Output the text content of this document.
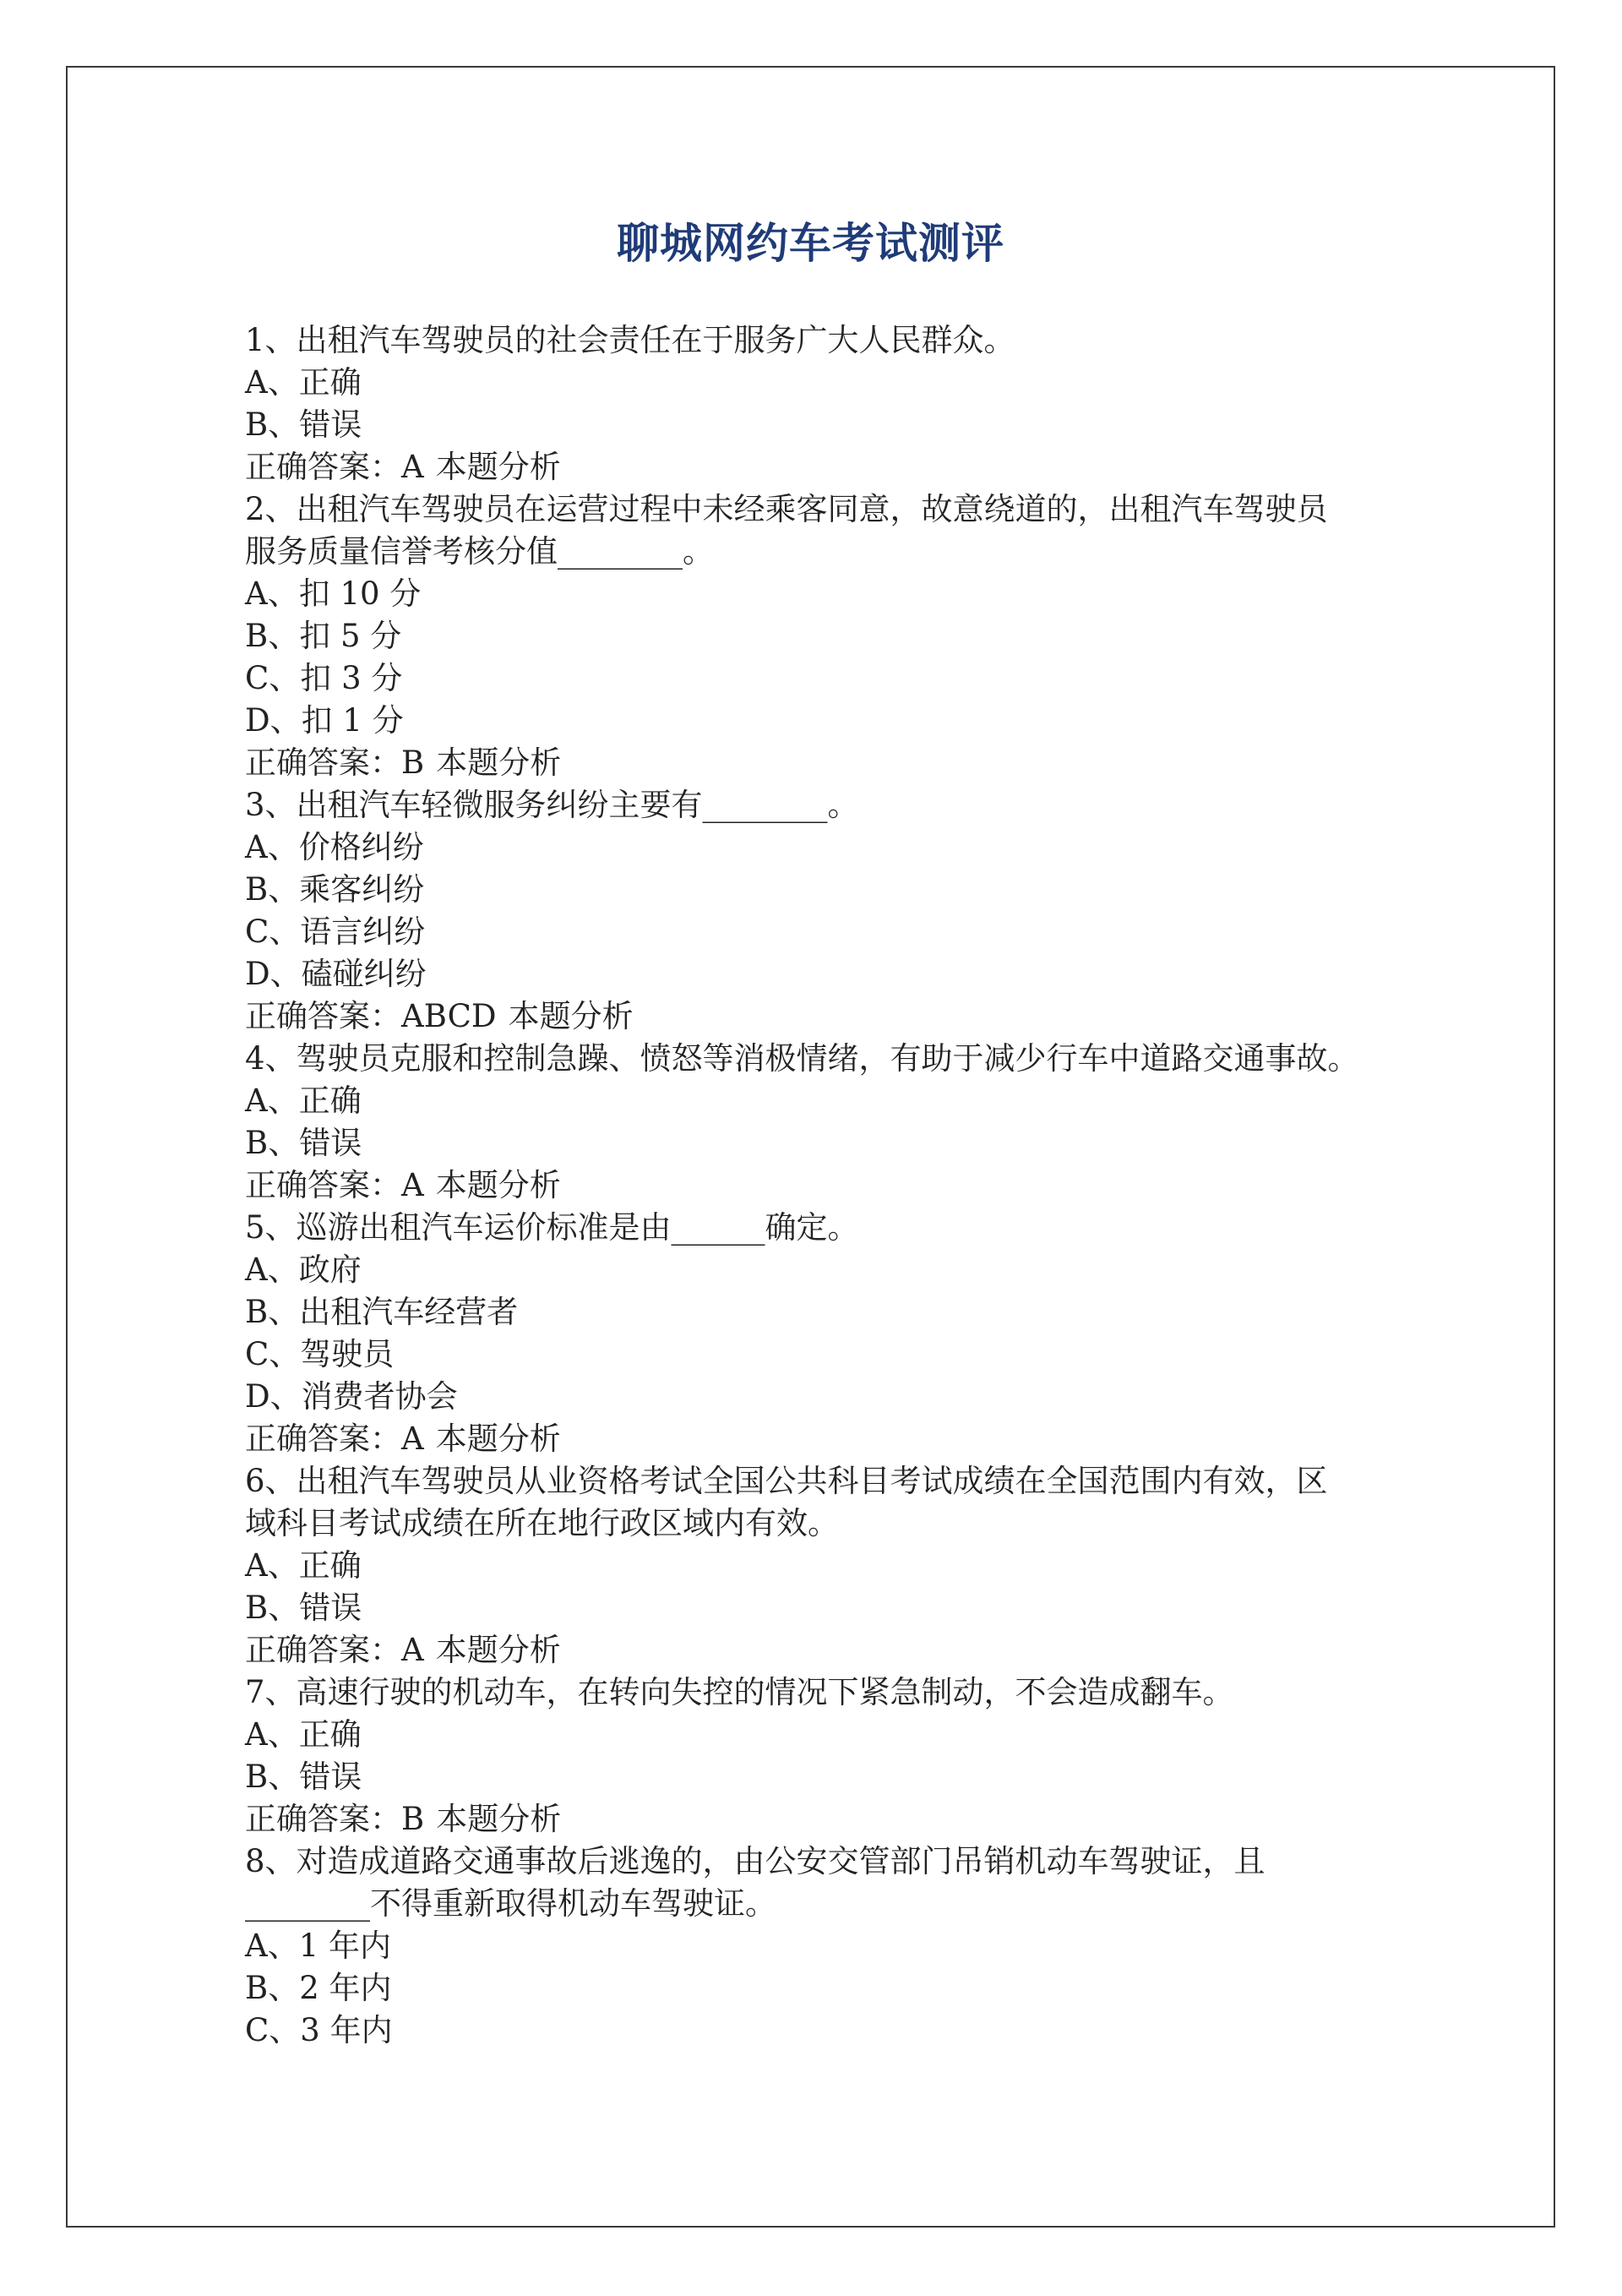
聊城网约车考试测评
1、出租汽车驾驶员的社会责任在于服务广大人民群众。
A、正确
B、错误
正确答案：A 本题分析
2、出租汽车驾驶员在运营过程中未经乘客同意，故意绕道的，出租汽车驾驶员
服务质量信誉考核分值________。
A、扣 10 分
B、扣 5 分
C、扣 3 分
D、扣 1 分
正确答案：B 本题分析
3、出租汽车轻微服务纠纷主要有________。
A、价格纠纷
B、乘客纠纷
C、语言纠纷
D、磕碰纠纷
正确答案：ABCD 本题分析
4、驾驶员克服和控制急躁、愤怒等消极情绪，有助于减少行车中道路交通事故。
A、正确
B、错误
正确答案：A 本题分析
5、巡游出租汽车运价标准是由______确定。
A、政府
B、出租汽车经营者
C、驾驶员
D、消费者协会
正确答案：A 本题分析
6、出租汽车驾驶员从业资格考试全国公共科目考试成绩在全国范围内有效，区
域科目考试成绩在所在地行政区域内有效。
A、正确
B、错误
正确答案：A 本题分析
7、高速行驶的机动车，在转向失控的情况下紧急制动，不会造成翻车。
A、正确
B、错误
正确答案：B 本题分析
8、对造成道路交通事故后逃逸的，由公安交管部门吊销机动车驾驶证，且
________不得重新取得机动车驾驶证。
A、1 年内
B、2 年内
C、3 年内
